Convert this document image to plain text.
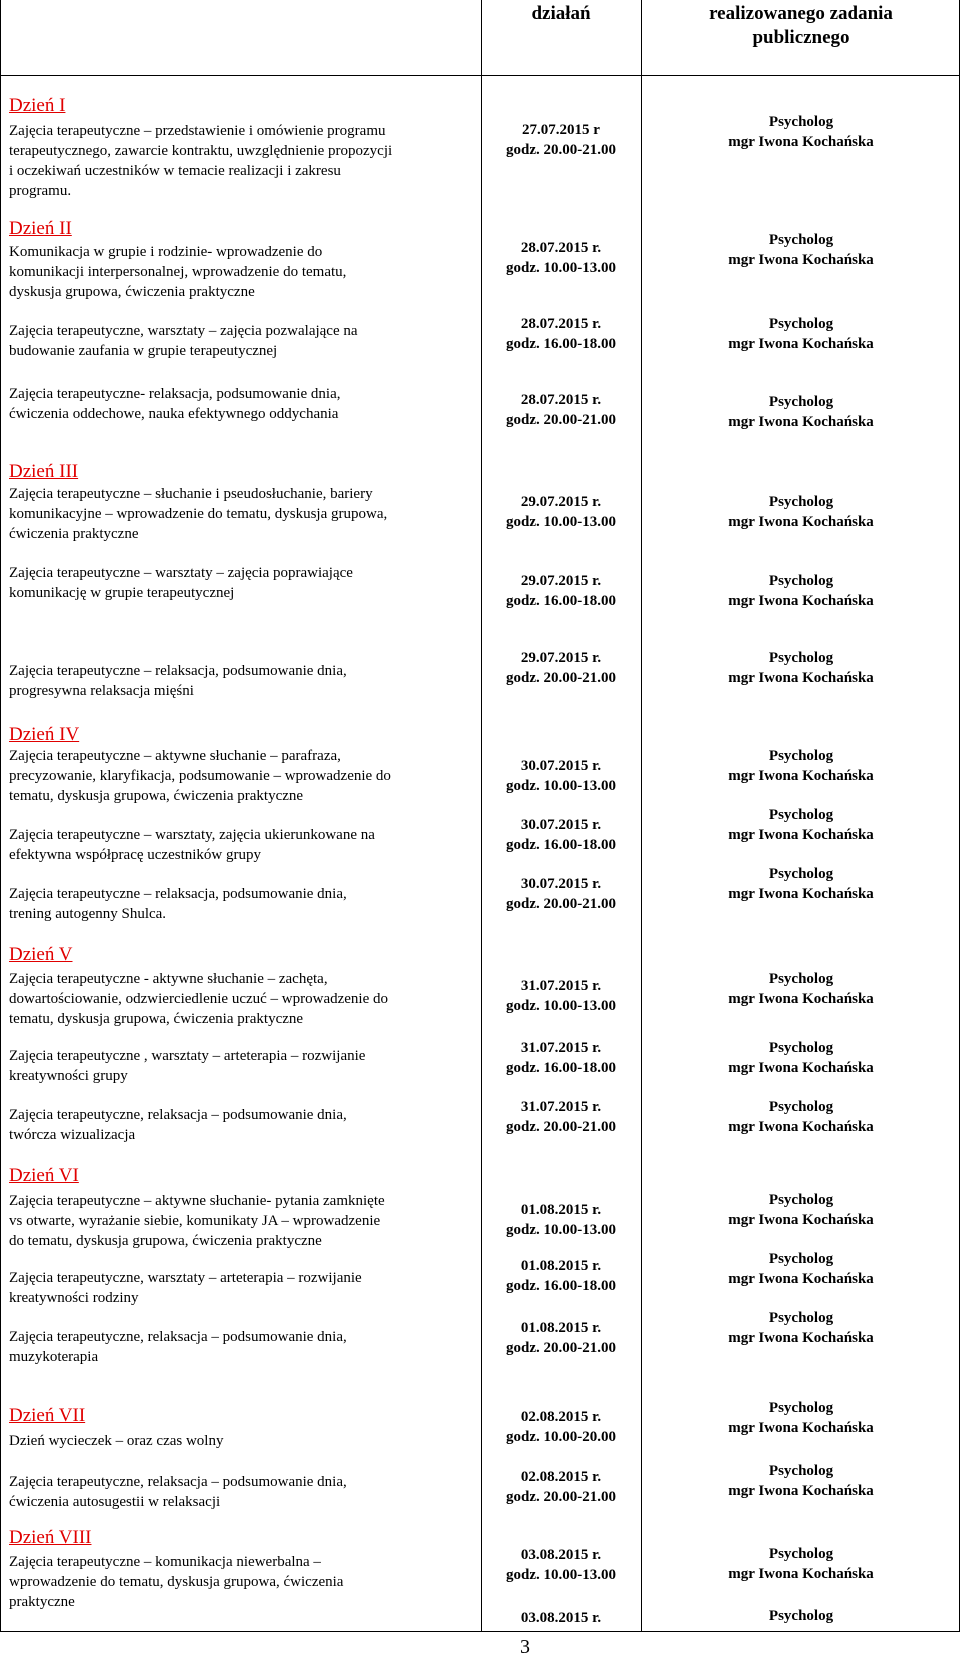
działań	realizowanego zadania
publicznego
Dzień I
Zajęcia terapeutyczne – przedstawienie i omówienie programu
terapeutycznego, zawarcie kontraktu, uwzględnienie propozycji
i oczekiwań uczestników w temacie realizacji i zakresu
programu.
27.07.2015 r
godz. 20.00-21.00
Psycholog
mgr Iwona Kochańska
Dzień II
Komunikacja w grupie i rodzinie- wprowadzenie do
komunikacji interpersonalnej, wprowadzenie do tematu,
dyskusja grupowa, ćwiczenia praktyczne
28.07.2015 r.
godz. 10.00-13.00
Psycholog
mgr Iwona Kochańska
Zajęcia terapeutyczne, warsztaty – zajęcia pozwalające na
budowanie zaufania w grupie terapeutycznej
28.07.2015 r.
godz. 16.00-18.00
Psycholog
mgr Iwona Kochańska
Zajęcia terapeutyczne- relaksacja, podsumowanie dnia,
ćwiczenia oddechowe, nauka efektywnego oddychania
28.07.2015 r.
godz. 20.00-21.00
Psycholog
mgr Iwona Kochańska
Dzień III
Zajęcia terapeutyczne – słuchanie i pseudosłuchanie, bariery
komunikacyjne – wprowadzenie do tematu, dyskusja grupowa,
ćwiczenia praktyczne
29.07.2015 r.
godz. 10.00-13.00
Psycholog
mgr Iwona Kochańska
Zajęcia terapeutyczne – warsztaty – zajęcia poprawiające
komunikację w grupie terapeutycznej
29.07.2015 r.
godz. 16.00-18.00
Psycholog
mgr Iwona Kochańska
Zajęcia terapeutyczne – relaksacja, podsumowanie dnia,
progresywna relaksacja mięśni
29.07.2015 r.
godz. 20.00-21.00
Psycholog
mgr Iwona Kochańska
Dzień IV
Zajęcia terapeutyczne – aktywne słuchanie – parafraza,
precyzowanie, klaryfikacja, podsumowanie – wprowadzenie do
tematu, dyskusja grupowa, ćwiczenia praktyczne
30.07.2015 r.
godz. 10.00-13.00
Psycholog
mgr Iwona Kochańska
Zajęcia terapeutyczne – warsztaty, zajęcia ukierunkowane na
efektywna współpracę uczestników grupy
30.07.2015 r.
godz. 16.00-18.00
Psycholog
mgr Iwona Kochańska
Zajęcia terapeutyczne – relaksacja, podsumowanie dnia,
trening autogenny Shulca.
30.07.2015 r.
godz. 20.00-21.00
Psycholog
mgr Iwona Kochańska
Dzień V
Zajęcia terapeutyczne - aktywne słuchanie – zachęta,
dowartościowanie, odzwierciedlenie uczuć – wprowadzenie do
tematu, dyskusja grupowa, ćwiczenia praktyczne
31.07.2015 r.
godz. 10.00-13.00
Psycholog
mgr Iwona Kochańska
Zajęcia terapeutyczne , warsztaty – arteterapia – rozwijanie
kreatywności grupy
31.07.2015 r.
godz. 16.00-18.00
Psycholog
mgr Iwona Kochańska
Zajęcia terapeutyczne, relaksacja – podsumowanie dnia,
twórcza wizualizacja
31.07.2015 r.
godz. 20.00-21.00
Psycholog
mgr Iwona Kochańska
Dzień VI
Zajęcia terapeutyczne – aktywne słuchanie- pytania zamknięte
vs otwarte, wyrażanie siebie, komunikaty JA – wprowadzenie
do tematu, dyskusja grupowa, ćwiczenia praktyczne
01.08.2015 r.
godz. 10.00-13.00
Psycholog
mgr Iwona Kochańska
Zajęcia terapeutyczne, warsztaty – arteterapia – rozwijanie
kreatywności rodziny
01.08.2015 r.
godz. 16.00-18.00
Psycholog
mgr Iwona Kochańska
Zajęcia terapeutyczne, relaksacja – podsumowanie dnia,
muzykoterapia
01.08.2015 r.
godz. 20.00-21.00
Psycholog
mgr Iwona Kochańska
Dzień VII
Dzień wycieczek – oraz czas wolny
02.08.2015 r.
godz. 10.00-20.00
Psycholog
mgr Iwona Kochańska
Zajęcia terapeutyczne, relaksacja – podsumowanie dnia,
ćwiczenia autosugestii w relaksacji
02.08.2015 r.
godz. 20.00-21.00
Psycholog
mgr Iwona Kochańska
Dzień VIII
Zajęcia terapeutyczne – komunikacja niewerbalna –
wprowadzenie do tematu, dyskusja grupowa, ćwiczenia
praktyczne
03.08.2015 r.
godz. 10.00-13.00
Psycholog
mgr Iwona Kochańska
03.08.2015 r.	Psycholog
3
